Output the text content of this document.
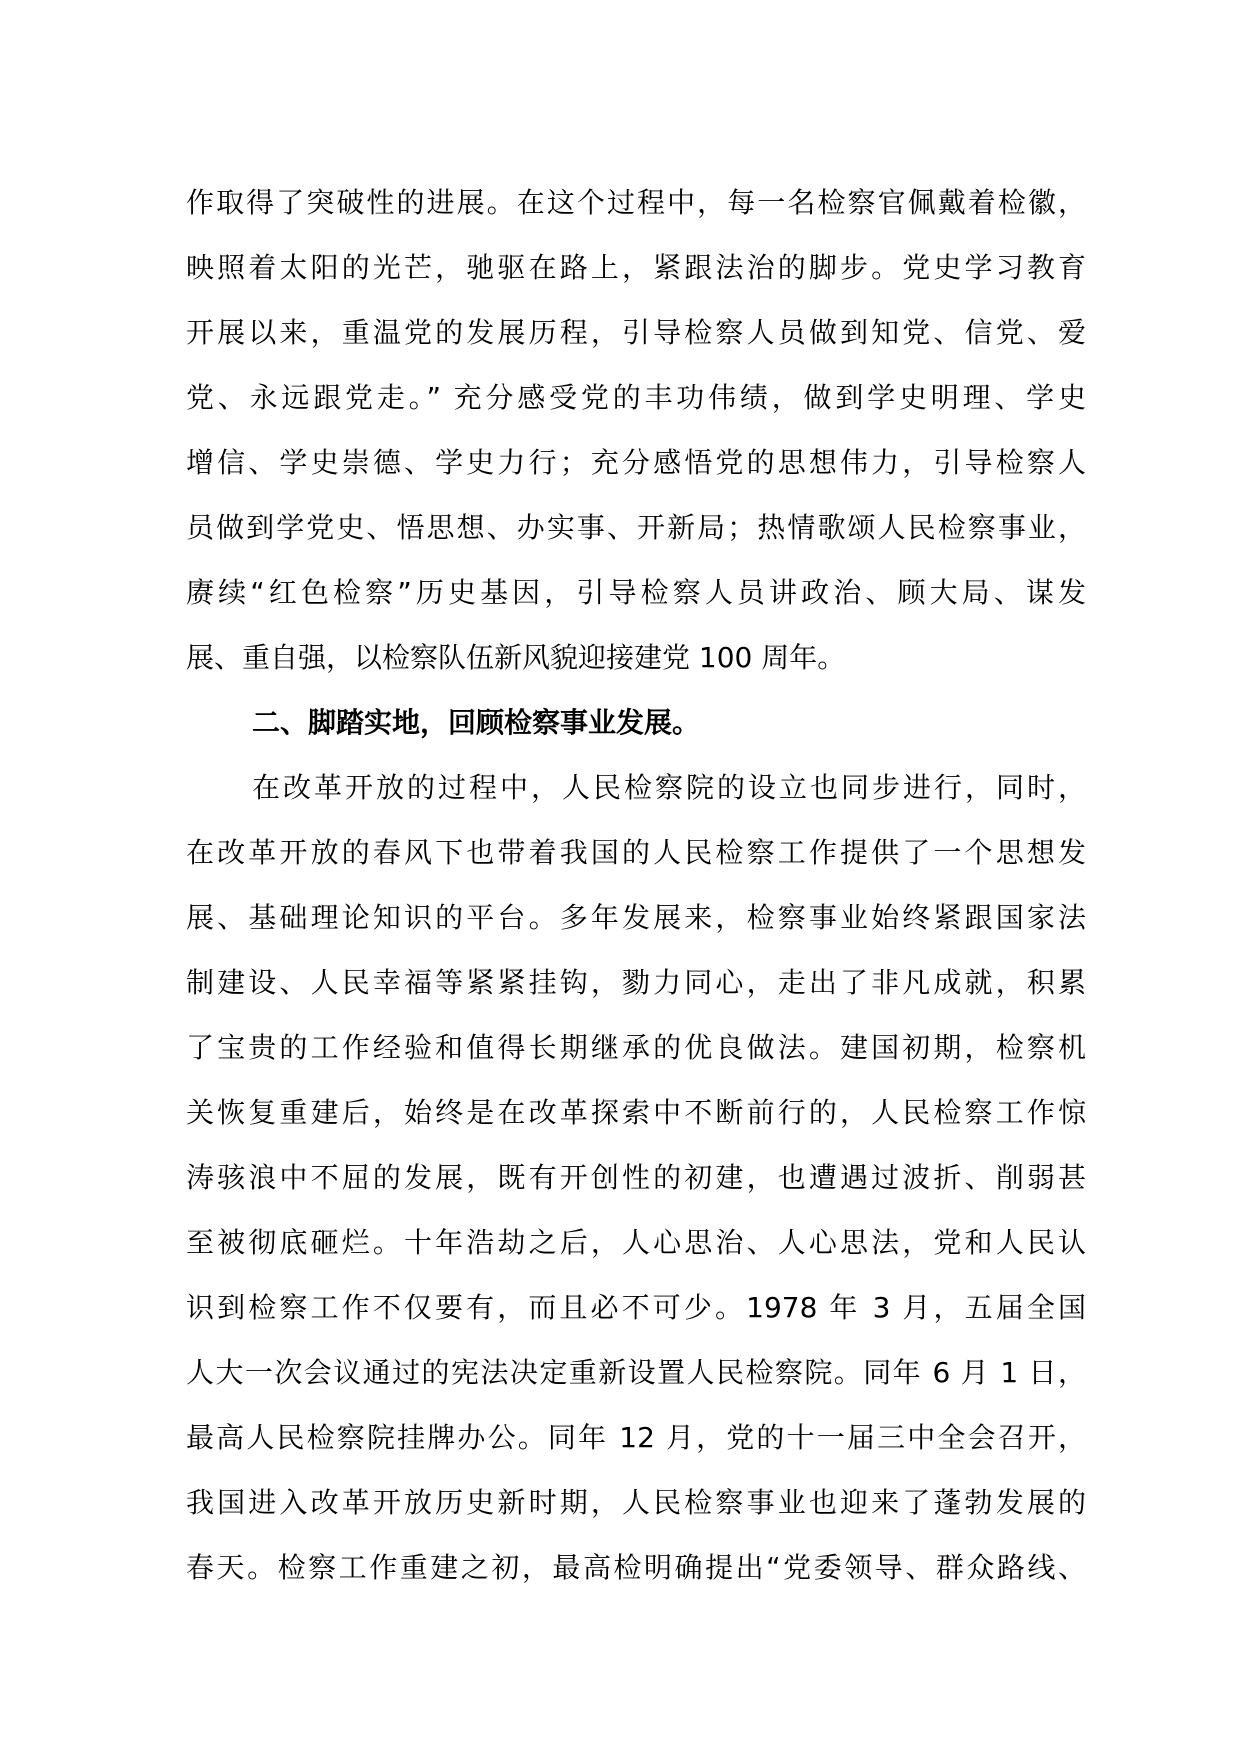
作取得了突破性的进展。在这个过程中，每一名检察官佩戴着检徽，
映照着太阳的光芒，驰驱在路上，紧跟法治的脚步。党史学习教育
开展以来，重温党的发展历程，引导检察人员做到知党、信党、爱
党、永远跟党走。” 充分感受党的丰功伟绩，做到学史明理、学史
增信、学史崇德、学史力行；充分感悟党的思想伟力，引导检察人
员做到学党史、悟思想、办实事、开新局；热情歌颂人民检察事业，
赓续“红色检察”历史基因，引导检察人员讲政治、顾大局、谋发
展、重自强，以检察队伍新风貌迎接建党 100 周年。
二、脚踏实地，回顾检察事业发展。
在改革开放的过程中，人民检察院的设立也同步进行，同时，
在改革开放的春风下也带着我国的人民检察工作提供了一个思想发
展、基础理论知识的平台。多年发展来，检察事业始终紧跟国家法
制建设、人民幸福等紧紧挂钩，勠力同心，走出了非凡成就，积累
了宝贵的工作经验和值得长期继承的优良做法。建国初期，检察机
关恢复重建后，始终是在改革探索中不断前行的，人民检察工作惊
涛骇浪中不屈的发展，既有开创性的初建，也遭遇过波折、削弱甚
至被彻底砸烂。十年浩劫之后，人心思治、人心思法，党和人民认
识到检察工作不仅要有，而且必不可少。1978 年 3 月，五届全国
人大一次会议通过的宪法决定重新设置人民检察院。同年 6 月 1 日，
最高人民检察院挂牌办公。同年 12 月，党的十一届三中全会召开，
我国进入改革开放历史新时期，人民检察事业也迎来了蓬勃发展的
春天。检察工作重建之初，最高检明确提出“党委领导、群众路线、
